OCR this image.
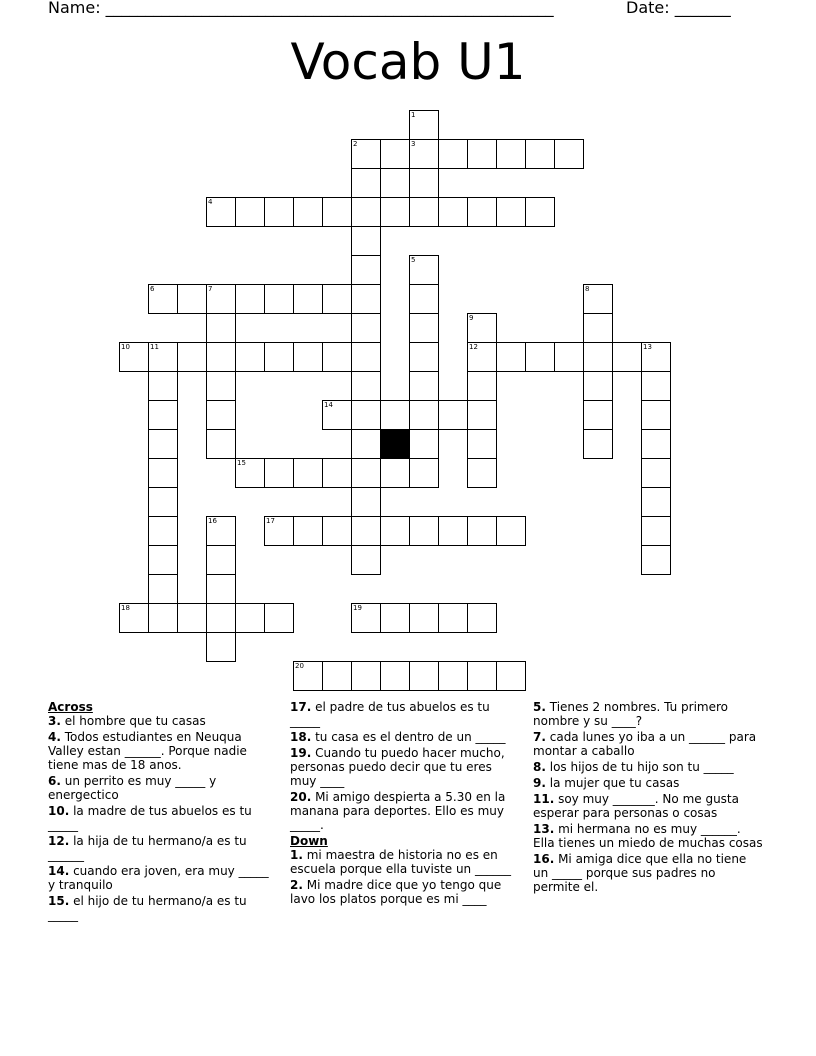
Name: ________________________________________________________	Date: _______
Vocab U1
1
2	3
4
5
6	7	8
9
10	11	12	13
14
15
16	17
18	19
20
Across
3. el hombre que tu casas
4. Todos estudiantes en Neuqua Valley estan ______. Porque nadie tiene mas de 18 anos.
6. un perrito es muy _____ y energectico
10. la madre de tus abuelos es tu _____
12. la hija de tu hermano/a es tu ______
14. cuando era joven, era muy _____ y tranquilo
15. el hijo de tu hermano/a es tu _____
17. el padre de tus abuelos es tu _____
18. tu casa es el dentro de un _____
19. Cuando tu puedo hacer mucho, personas puedo decir que tu eres muy ____
20. Mi amigo despierta a 5.30 en la manana para deportes. Ello es muy _____.
Down
1. mi maestra de historia no es en escuela porque ella tuviste un ______
2. Mi madre dice que yo tengo que lavo los platos porque es mi ____
5. Tienes 2 nombres. Tu primero nombre y su ____?
7. cada lunes yo iba a un ______ para montar a caballo
8. los hijos de tu hijo son tu _____
9. la mujer que tu casas
11. soy muy _______. No me gusta esperar para personas o cosas
13. mi hermana no es muy ______. Ella tienes un miedo de muchas cosas
16. Mi amiga dice que ella no tiene un _____ porque sus padres no permite el.
